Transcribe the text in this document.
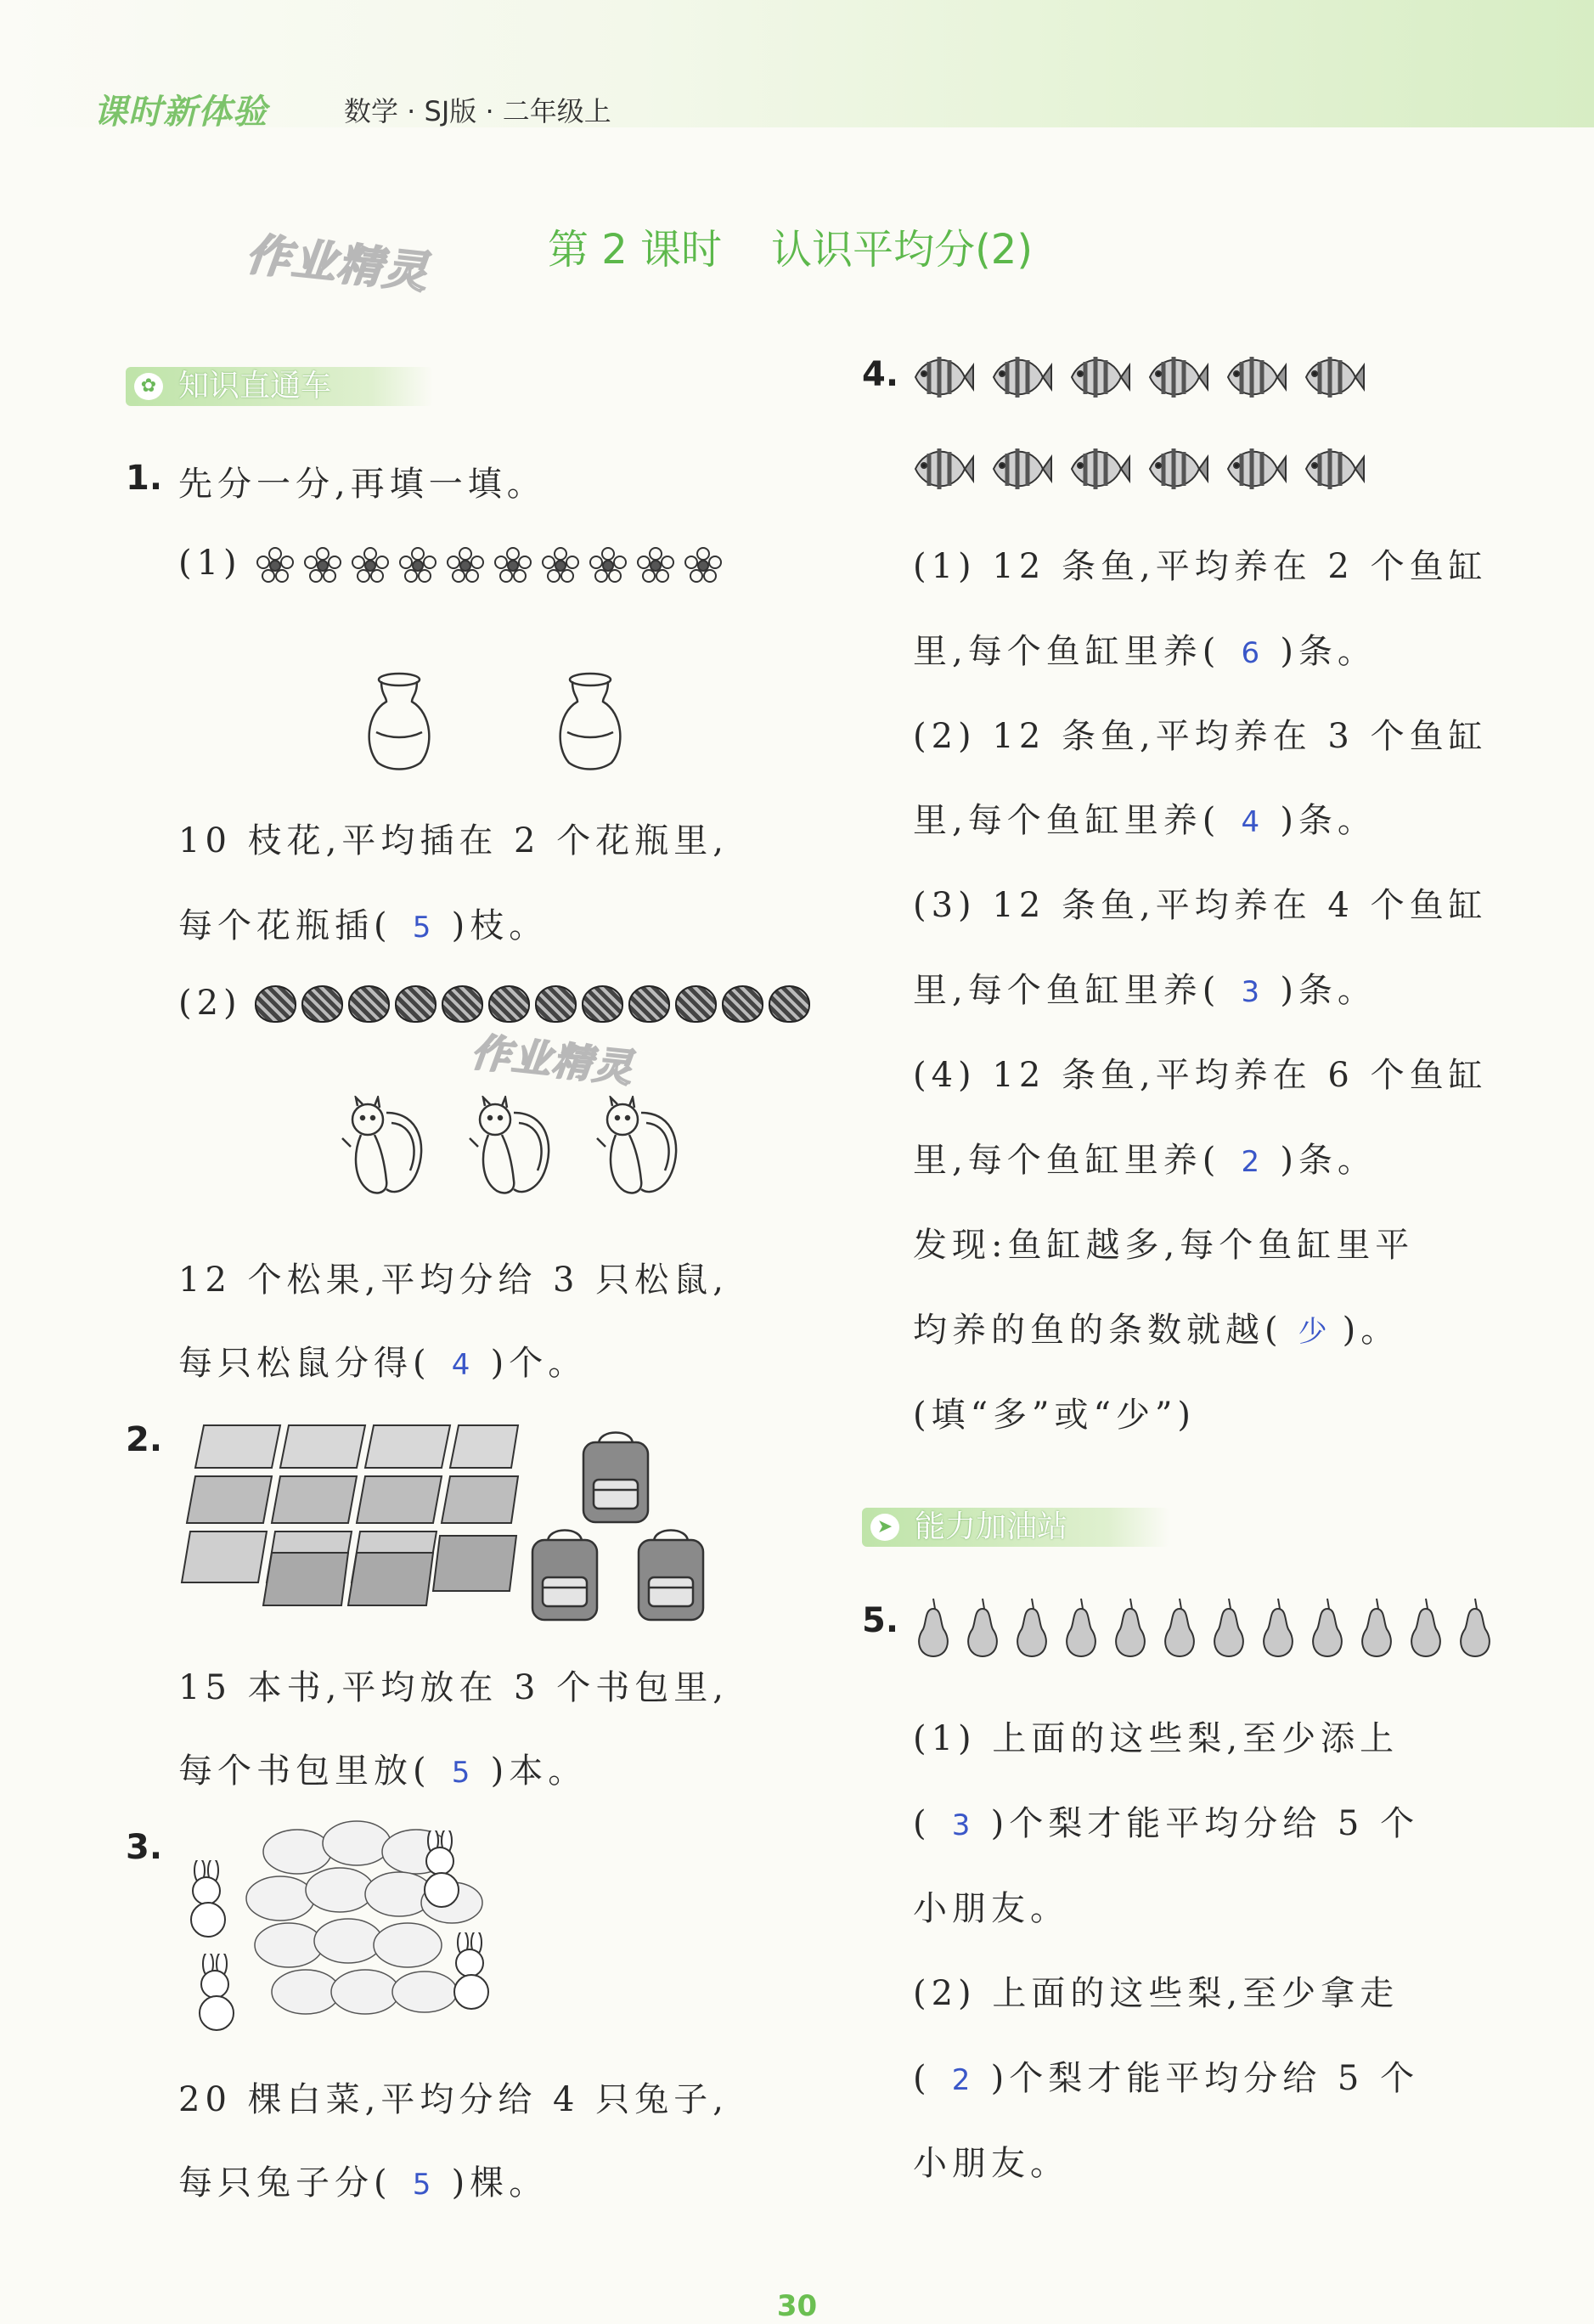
课时新体验	数学 · SJ版 · 二年级上
作业精灵	第 2 课时 认识平均分(2)
✿ 知识直通车
1. 先分一分,再填一填。
(1)
10 枝花,平均插在 2 个花瓶里,
每个花瓶插( 5 )枝。
(2)
作业精灵
12 个松果,平均分给 3 只松鼠,
每只松鼠分得( 4 )个。
2.
15 本书,平均放在 3 个书包里,
每个书包里放( 5 )本。
3.
20 棵白菜,平均分给 4 只兔子,
每只兔子分( 5 )棵。
4.
(1) 12 条鱼,平均养在 2 个鱼缸
里,每个鱼缸里养( 6 )条。
(2) 12 条鱼,平均养在 3 个鱼缸
里,每个鱼缸里养( 4 )条。
(3) 12 条鱼,平均养在 4 个鱼缸
里,每个鱼缸里养( 3 )条。
(4) 12 条鱼,平均养在 6 个鱼缸
里,每个鱼缸里养( 2 )条。
发现:鱼缸越多,每个鱼缸里平
均养的鱼的条数就越( 少 )。
(填“多”或“少”)
➤ 能力加油站
5.
(1) 上面的这些梨,至少添上
( 3 )个梨才能平均分给 5 个
小朋友。
(2) 上面的这些梨,至少拿走
( 2 )个梨才能平均分给 5 个
小朋友。
30
